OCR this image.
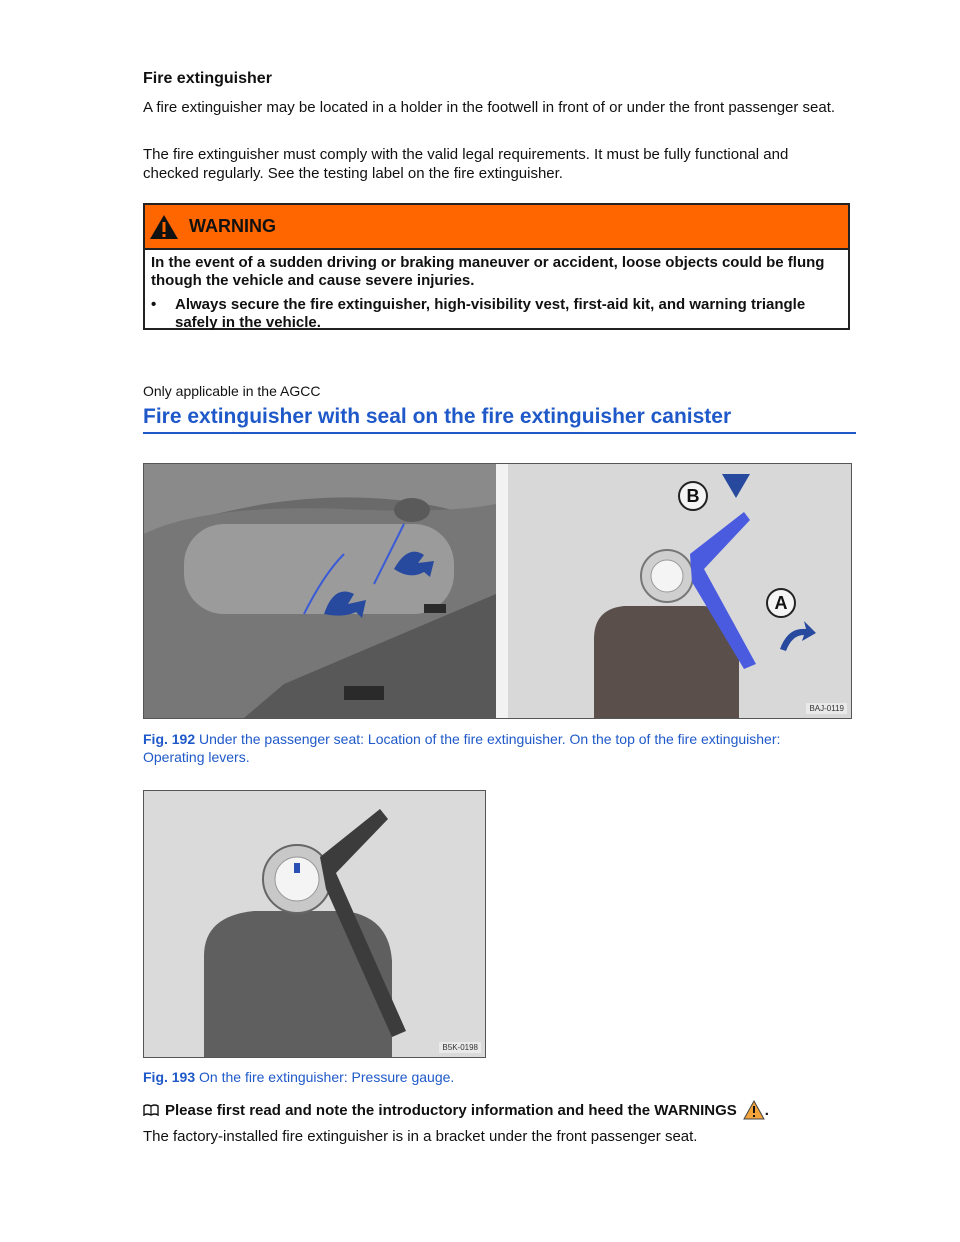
Fire extinguisher
A fire extinguisher may be located in a holder in the footwell in front of or under the front passenger seat.
The fire extinguisher must comply with the valid legal requirements. It must be fully functional and checked regularly. See the testing label on the fire extinguisher.
WARNING
In the event of a sudden driving or braking maneuver or accident, loose objects could be flung though the vehicle and cause severe injuries.
•	Always secure the fire extinguisher, high-visibility vest, first-aid kit, and warning triangle safely in the vehicle.
Only applicable in the AGCC
Fire extinguisher with seal on the fire extinguisher canister
B
A
BAJ-0119
Fig. 192 Under the passenger seat: Location of the fire extinguisher. On the top of the fire extinguisher: Operating levers.
B5K-0198
Fig. 193 On the fire extinguisher: Pressure gauge.
Please first read and note the introductory information and heed the WARNINGS .
The factory-installed fire extinguisher is in a bracket under the front passenger seat.
